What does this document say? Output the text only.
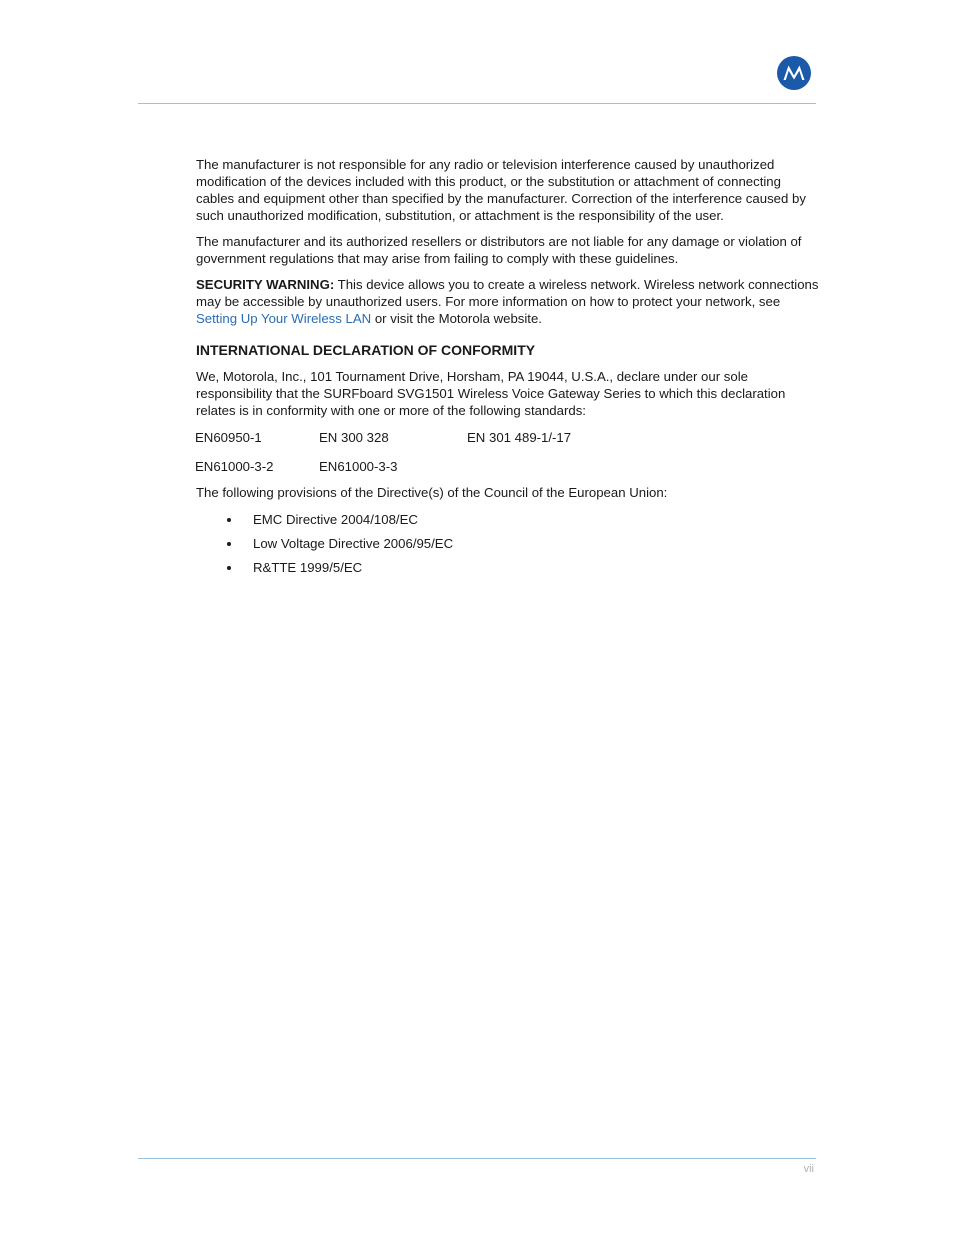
The manufacturer is not responsible for any radio or television interference caused by unauthorized modification of the devices included with this product, or the substitution or attachment of connecting cables and equipment other than specified by the manufacturer. Correction of the interference caused by such unauthorized modification, substitution, or attachment is the responsibility of the user.

The manufacturer and its authorized resellers or distributors are not liable for any damage or violation of government regulations that may arise from failing to comply with these guidelines.

SECURITY WARNING: This device allows you to create a wireless network. Wireless network connections may be accessible by unauthorized users. For more information on how to protect your network, see Setting Up Your Wireless LAN or visit the Motorola website.

INTERNATIONAL DECLARATION OF CONFORMITY

We, Motorola, Inc., 101 Tournament Drive, Horsham, PA 19044, U.S.A., declare under our sole responsibility that the SURFboard SVG1501 Wireless Voice Gateway Series to which this declaration relates is in conformity with one or more of the following standards:

EN60950-1	EN 300 328	EN 301 489-1/-17
EN61000-3-2	EN61000-3-3

The following provisions of the Directive(s) of the Council of the European Union:

EMC Directive 2004/108/EC
Low Voltage Directive 2006/95/EC
R&TTE 1999/5/EC
vii
